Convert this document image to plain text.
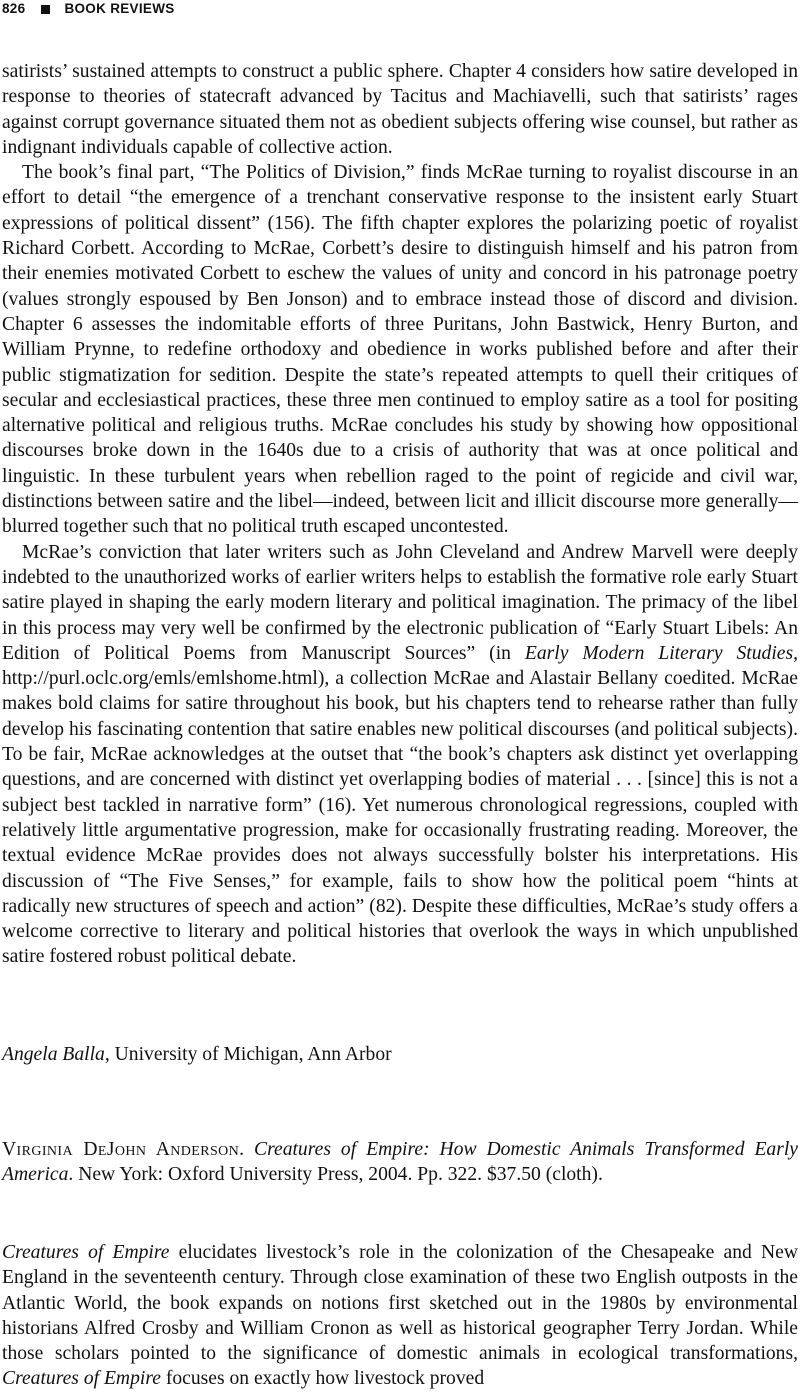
826	BOOK REVIEWS

satirists’ sustained attempts to construct a public sphere. Chapter 4 considers how satire developed in response to theories of statecraft advanced by Tacitus and Machiavelli, such that satirists’ rages against corrupt governance situated them not as obedient subjects offering wise counsel, but rather as indignant individuals capable of collective action.

The book’s final part, “The Politics of Division,” finds McRae turning to royalist discourse in an effort to detail “the emergence of a trenchant conservative response to the insistent early Stuart expressions of political dissent” (156). The fifth chapter explores the polarizing poetic of royalist Richard Corbett. According to McRae, Corbett’s desire to distinguish himself and his patron from their enemies motivated Corbett to eschew the values of unity and concord in his patronage poetry (values strongly espoused by Ben Jonson) and to embrace instead those of discord and division. Chapter 6 assesses the indomitable efforts of three Puritans, John Bastwick, Henry Burton, and William Prynne, to redefine orthodoxy and obedience in works published before and after their public stigmatization for sedition. Despite the state’s repeated attempts to quell their critiques of secular and ecclesiastical practices, these three men continued to employ satire as a tool for positing alternative political and religious truths. McRae concludes his study by showing how oppositional discourses broke down in the 1640s due to a crisis of authority that was at once political and linguistic. In these turbulent years when rebellion raged to the point of regicide and civil war, distinctions between satire and the libel—indeed, between licit and illicit discourse more generally—blurred together such that no political truth escaped uncontested.

McRae’s conviction that later writers such as John Cleveland and Andrew Marvell were deeply indebted to the unauthorized works of earlier writers helps to establish the formative role early Stuart satire played in shaping the early modern literary and political imagination. The primacy of the libel in this process may very well be confirmed by the electronic publication of “Early Stuart Libels: An Edition of Political Poems from Manuscript Sources” (in Early Modern Literary Studies, http://purl.oclc.org/emls/emlshome.html), a collection McRae and Alastair Bellany coedited. McRae makes bold claims for satire throughout his book, but his chapters tend to rehearse rather than fully develop his fascinating contention that satire enables new political discourses (and political subjects). To be fair, McRae acknowledges at the outset that “the book’s chapters ask distinct yet overlapping questions, and are concerned with distinct yet overlapping bodies of material . . . [since] this is not a subject best tackled in narrative form” (16). Yet numerous chronological regressions, coupled with relatively little argumentative progression, make for occasionally frustrating reading. Moreover, the textual evidence McRae provides does not always successfully bolster his interpretations. His discussion of “The Five Senses,” for example, fails to show how the political poem “hints at radically new structures of speech and action” (82). Despite these difficulties, McRae’s study offers a welcome corrective to literary and political histories that overlook the ways in which unpublished satire fostered robust political debate.

Angela Balla, University of Michigan, Ann Arbor
Virginia DeJohn Anderson. Creatures of Empire: How Domestic Animals Transformed Early America. New York: Oxford University Press, 2004. Pp. 322. $37.50 (cloth).

Creatures of Empire elucidates livestock’s role in the colonization of the Chesapeake and New England in the seventeenth century. Through close examination of these two English outposts in the Atlantic World, the book expands on notions first sketched out in the 1980s by environmental historians Alfred Crosby and William Cronon as well as historical geographer Terry Jordan. While those scholars pointed to the significance of domestic animals in ecological transformations, Creatures of Empire focuses on exactly how livestock proved
